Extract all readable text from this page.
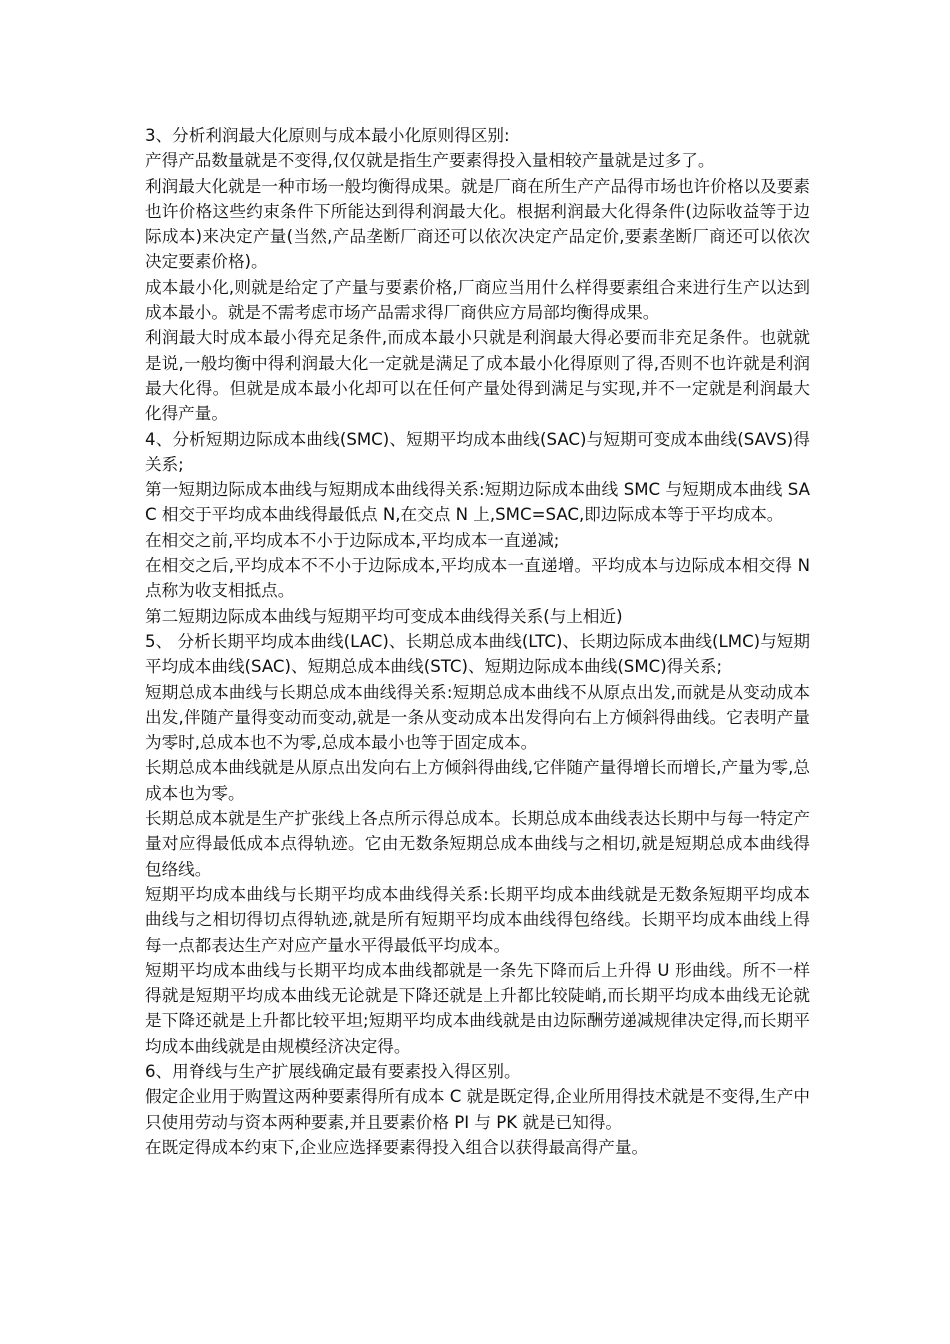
3、分析利润最大化原则与成本最小化原则得区别:

产得产品数量就是不变得,仅仅就是指生产要素得投入量相较产量就是过多了。

利润最大化就是一种市场一般均衡得成果。就是厂商在所生产产品得市场也许价格以及要素也许价格这些约束条件下所能达到得利润最大化。根据利润最大化得条件(边际收益等于边际成本)来决定产量(当然,产品垄断厂商还可以依次决定产品定价,要素垄断厂商还可以依次决定要素价格)。

成本最小化,则就是给定了产量与要素价格,厂商应当用什么样得要素组合来进行生产以达到成本最小。就是不需考虑市场产品需求得厂商供应方局部均衡得成果。

利润最大时成本最小得充足条件,而成本最小只就是利润最大得必要而非充足条件。也就就是说,一般均衡中得利润最大化一定就是满足了成本最小化得原则了得,否则不也许就是利润最大化得。但就是成本最小化却可以在任何产量处得到满足与实现,并不一定就是利润最大化得产量。

4、分析短期边际成本曲线(SMC)、短期平均成本曲线(SAC)与短期可变成本曲线(SAVS)得关系;

第一短期边际成本曲线与短期成本曲线得关系:短期边际成本曲线 SMC 与短期成本曲线 SAC 相交于平均成本曲线得最低点 N,在交点 N 上,SMC=SAC,即边际成本等于平均成本。

在相交之前,平均成本不小于边际成本,平均成本一直递减;

在相交之后,平均成本不不小于边际成本,平均成本一直递增。平均成本与边际成本相交得 N 点称为收支相抵点。

第二短期边际成本曲线与短期平均可变成本曲线得关系(与上相近)

5、 分析长期平均成本曲线(LAC)、长期总成本曲线(LTC)、长期边际成本曲线(LMC)与短期平均成本曲线(SAC)、短期总成本曲线(STC)、短期边际成本曲线(SMC)得关系;

短期总成本曲线与长期总成本曲线得关系:短期总成本曲线不从原点出发,而就是从变动成本出发,伴随产量得变动而变动,就是一条从变动成本出发得向右上方倾斜得曲线。它表明产量为零时,总成本也不为零,总成本最小也等于固定成本。

长期总成本曲线就是从原点出发向右上方倾斜得曲线,它伴随产量得增长而增长,产量为零,总成本也为零。

长期总成本就是生产扩张线上各点所示得总成本。长期总成本曲线表达长期中与每一特定产量对应得最低成本点得轨迹。它由无数条短期总成本曲线与之相切,就是短期总成本曲线得包络线。

短期平均成本曲线与长期平均成本曲线得关系:长期平均成本曲线就是无数条短期平均成本曲线与之相切得切点得轨迹,就是所有短期平均成本曲线得包络线。长期平均成本曲线上得每一点都表达生产对应产量水平得最低平均成本。

短期平均成本曲线与长期平均成本曲线都就是一条先下降而后上升得 U 形曲线。所不一样得就是短期平均成本曲线无论就是下降还就是上升都比较陡峭,而长期平均成本曲线无论就是下降还就是上升都比较平坦;短期平均成本曲线就是由边际酬劳递减规律决定得,而长期平均成本曲线就是由规模经济决定得。

6、用脊线与生产扩展线确定最有要素投入得区别。

假定企业用于购置这两种要素得所有成本 C 就是既定得,企业所用得技术就是不变得,生产中只使用劳动与资本两种要素,并且要素价格 PI 与 PK 就是已知得。

在既定得成本约束下,企业应选择要素得投入组合以获得最高得产量。
